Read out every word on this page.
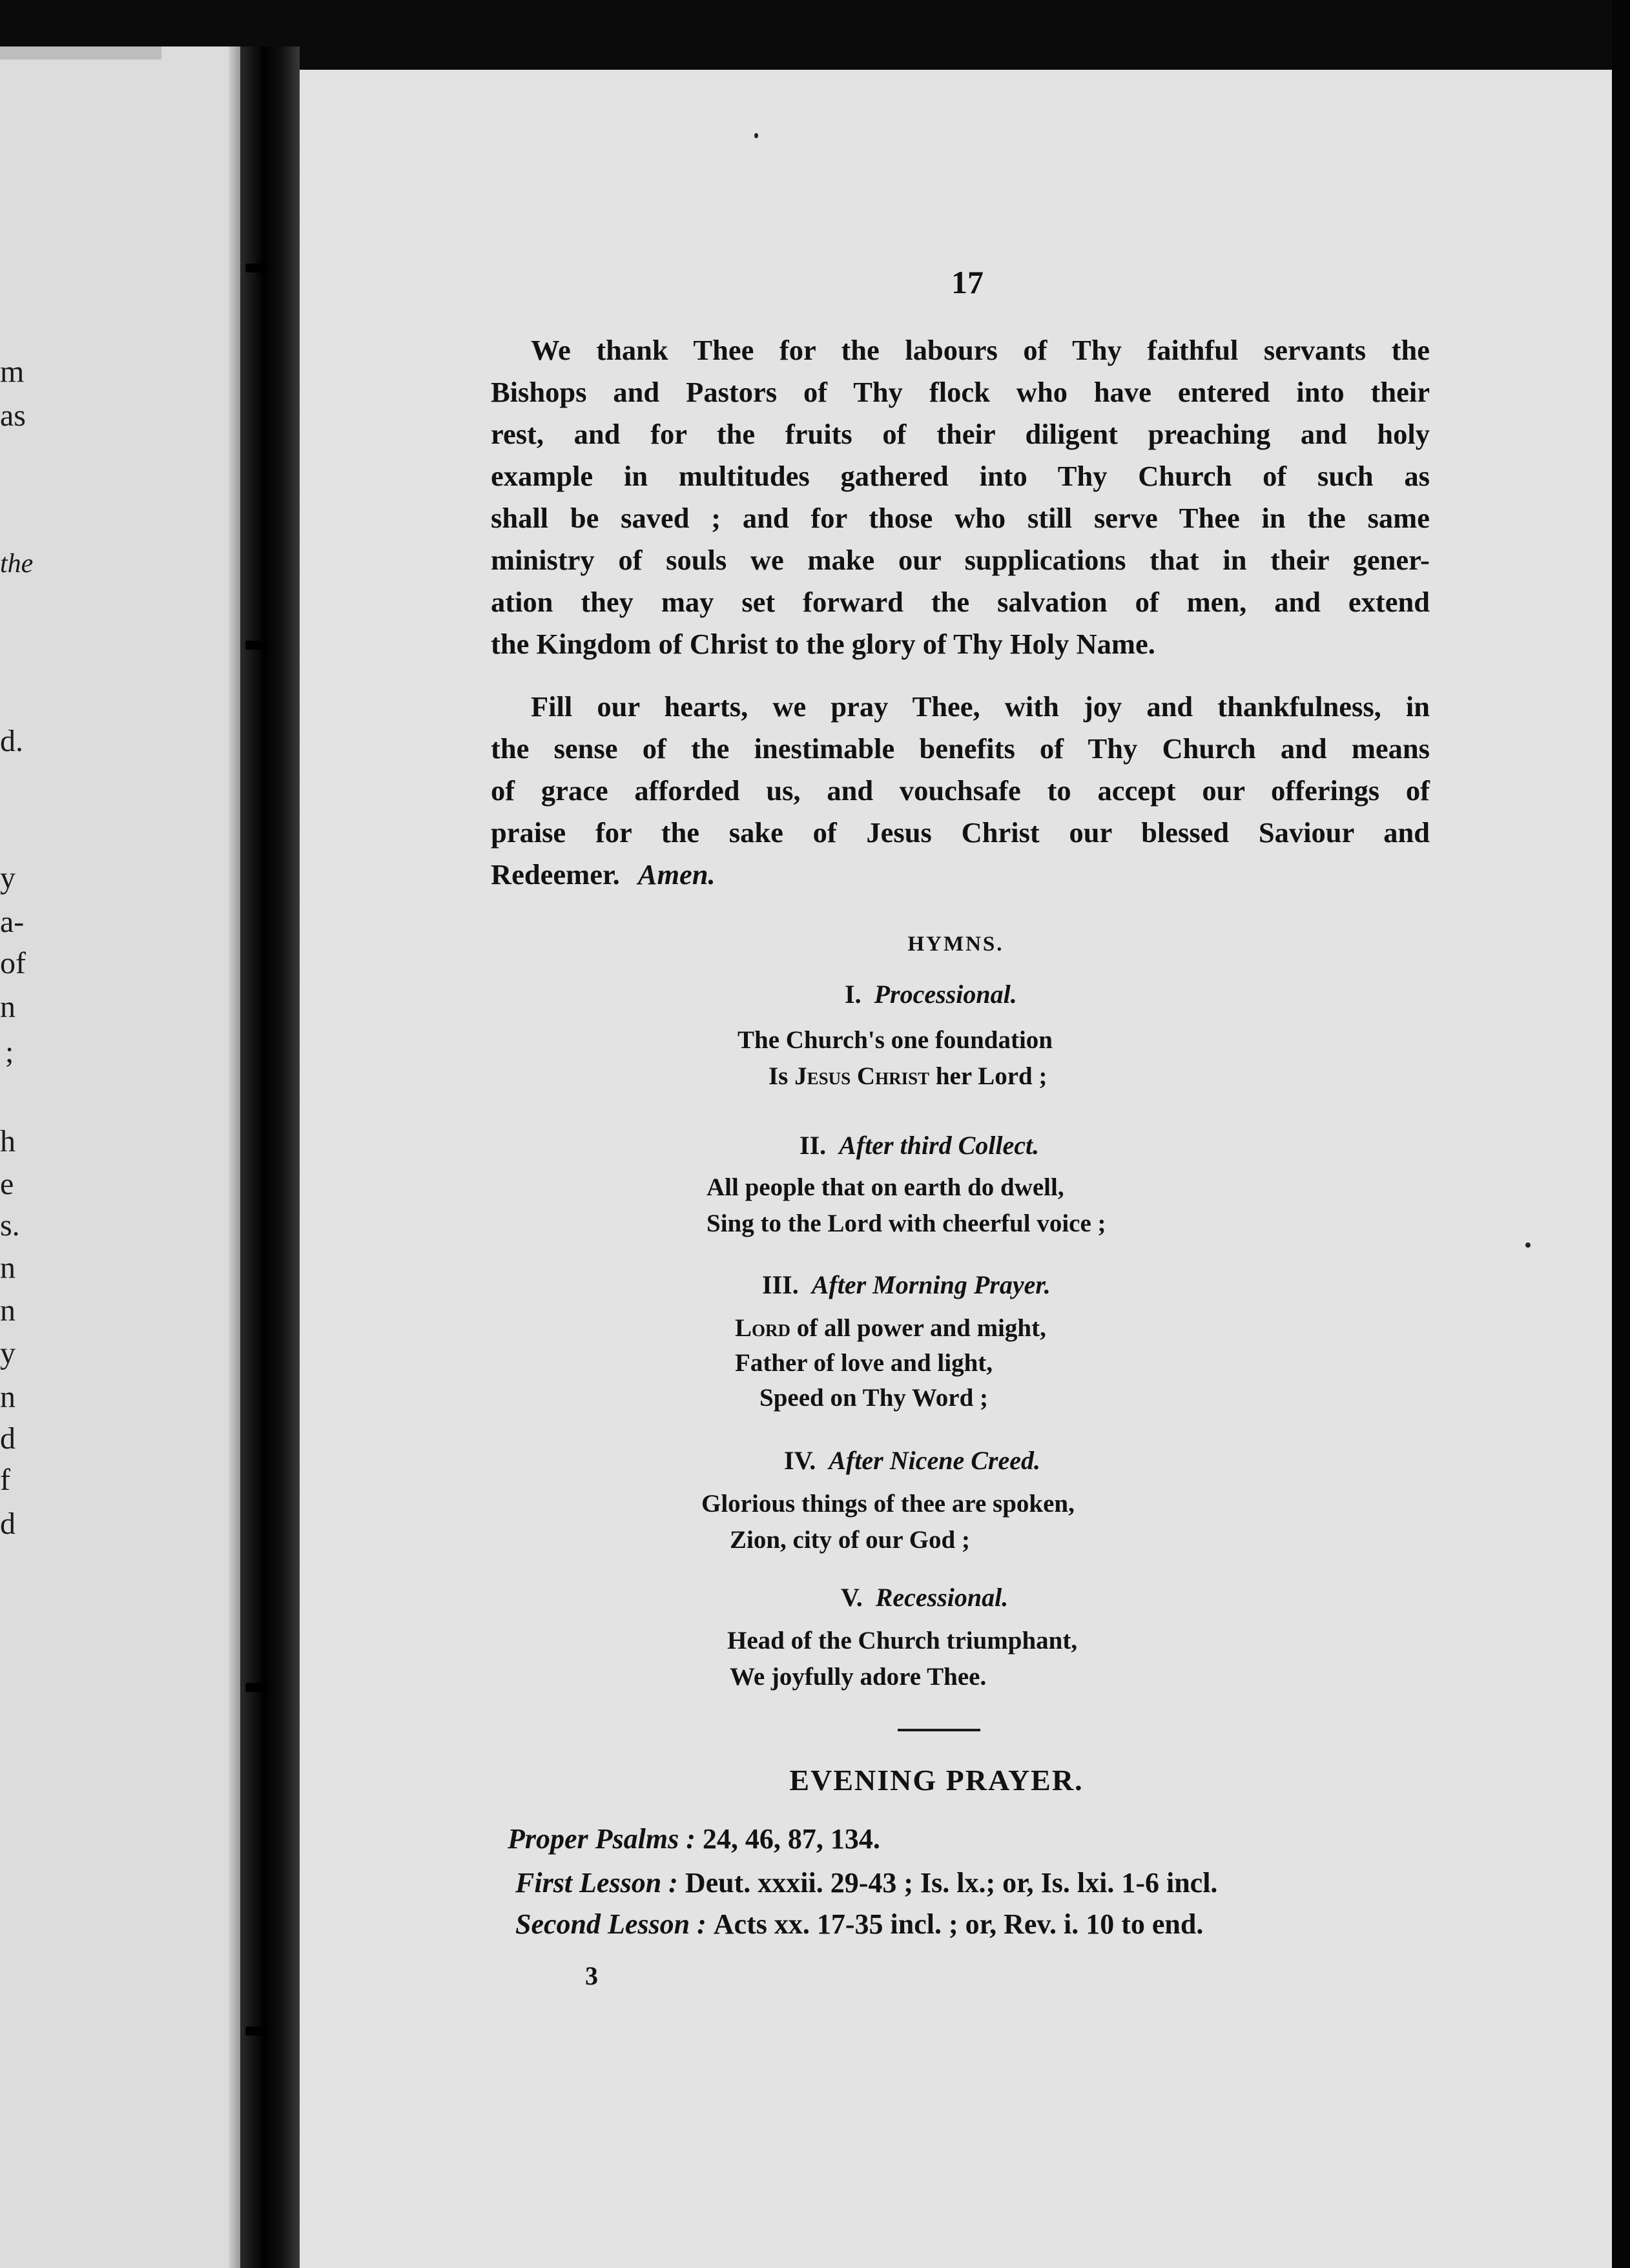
m
as
the
d.
y
a-
of
n
;
h
e
s.
n
n
y
n
d
f
d
17
We thank Thee for the labours of Thy faithful servants the
Bishops and Pastors of Thy flock who have entered into their
rest, and for the fruits of their diligent preaching and holy
example in multitudes gathered into Thy Church of such as
shall be saved ; and for those who still serve Thee in the same
ministry of souls we make our supplications that in their gener-
ation they may set forward the salvation of men, and extend
the Kingdom of Christ to the glory of Thy Holy Name.
Fill our hearts, we pray Thee, with joy and thankfulness, in
the sense of the inestimable benefits of Thy Church and means
of grace afforded us, and vouchsafe to accept our offerings of
praise for the sake of Jesus Christ our blessed Saviour and
Redeemer. Amen.
HYMNS.
I. Processional.
The Church's one foundation
Is Jesus Christ her Lord ;
II. After third Collect.
All people that on earth do dwell,
Sing to the Lord with cheerful voice ;
III. After Morning Prayer.
Lord of all power and might,
Father of love and light,
Speed on Thy Word ;
IV. After Nicene Creed.
Glorious things of thee are spoken,
Zion, city of our God ;
V. Recessional.
Head of the Church triumphant,
We joyfully adore Thee.
EVENING PRAYER.
Proper Psalms : 24, 46, 87, 134.
First Lesson : Deut. xxxii. 29-43 ; Is. lx.; or, Is. lxi. 1-6 incl.
Second Lesson : Acts xx. 17-35 incl. ; or, Rev. i. 10 to end.
3
